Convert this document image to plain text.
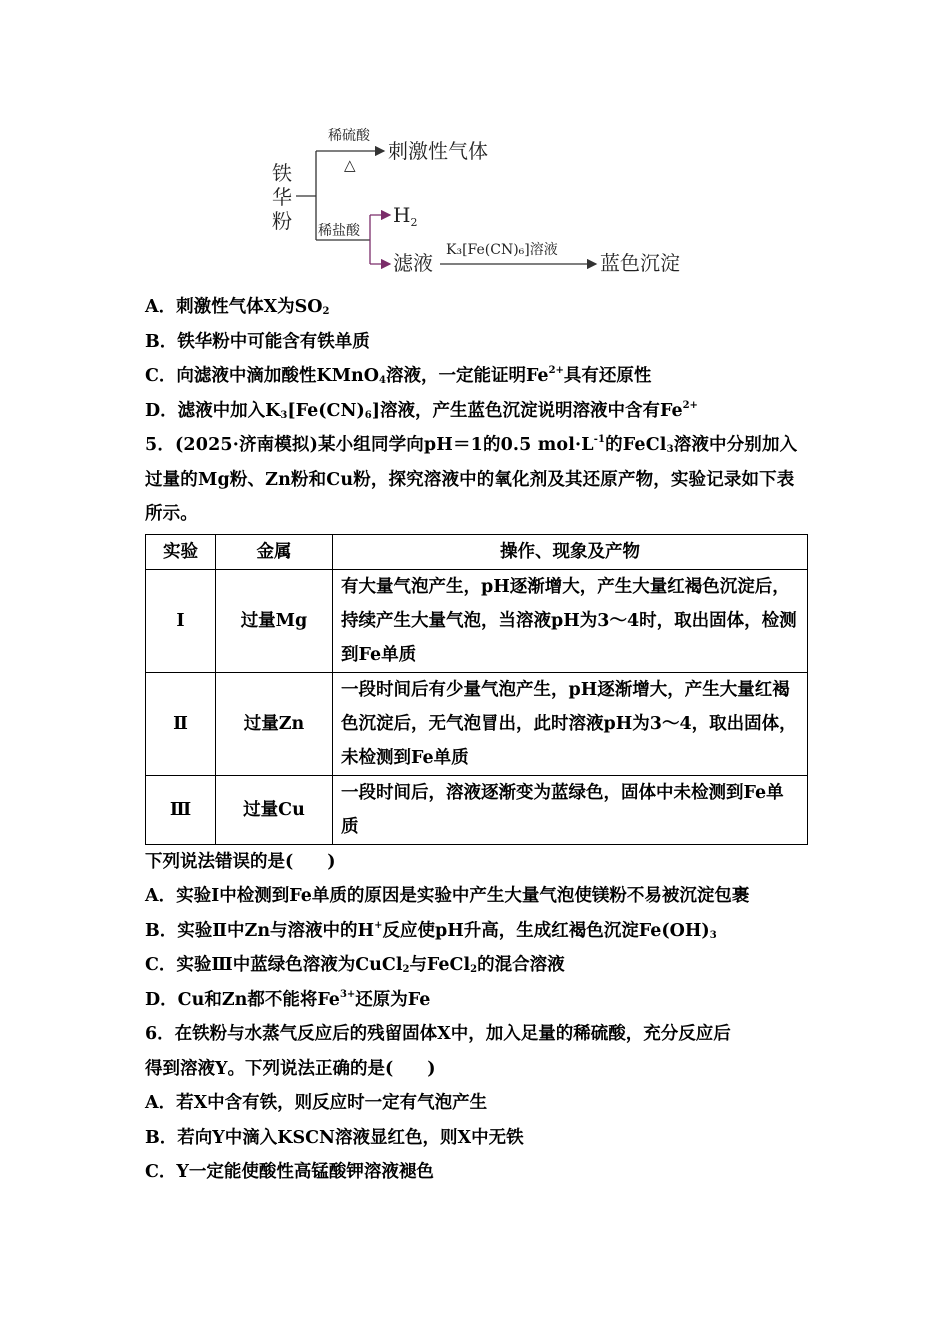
铁
华
粉
稀硫酸
△
刺激性气体
稀盐酸
$H_2$
滤液
K₃[Fe(CN)₆]溶液
蓝色沉淀

A．刺激性气体X为$SO_2$

B．铁华粉中可能含有铁单质

C．向滤液中滴加酸性KMnO$_4$溶液，一定能证明$Fe^{2+}$具有还原性

D．滤液中加入$K_3[Fe(CN)_6]$溶液，产生蓝色沉淀说明溶液中含有$Fe^{2+}$

5．(2025·济南模拟)某小组同学向pH＝1的0.5 $mol\cdot L^{-1}$的FeCl$_3$溶液中分别加入过量的Mg粉、Zn粉和Cu粉，探究溶液中的氧化剂及其还原产物，实验记录如下表所示。

实验	金属	操作、现象及产物
Ⅰ	过量Mg	有大量气泡产生，pH逐渐增大，产生大量红褐色沉淀后，持续产生大量气泡，当溶液pH为3～4时，取出固体，检测到Fe单质
Ⅱ	过量Zn	一段时间后有少量气泡产生，pH逐渐增大，产生大量红褐色沉淀后，无气泡冒出，此时溶液pH为3～4，取出固体，未检测到Fe单质
Ⅲ	过量Cu	一段时间后，溶液逐渐变为蓝绿色，固体中未检测到Fe单质

下列说法错误的是( )

A．实验Ⅰ中检测到Fe单质的原因是实验中产生大量气泡使镁粉不易被沉淀包裹

B．实验Ⅱ中Zn与溶液中的H+反应使pH升高，生成红褐色沉淀$Fe(OH)_3$

C．实验Ⅲ中蓝绿色溶液为CuCl$_2$与FeCl$_2$的混合溶液

D．Cu和Zn都不能将$Fe^{3+}$还原为Fe

6．在铁粉与水蒸气反应后的残留固体X中，加入足量的稀硫酸，充分反应后

得到溶液Y。下列说法正确的是( )

A．若X中含有铁，则反应时一定有气泡产生

B．若向Y中滴入KSCN溶液显红色，则X中无铁

C．Y一定能使酸性高锰酸钾溶液褪色
